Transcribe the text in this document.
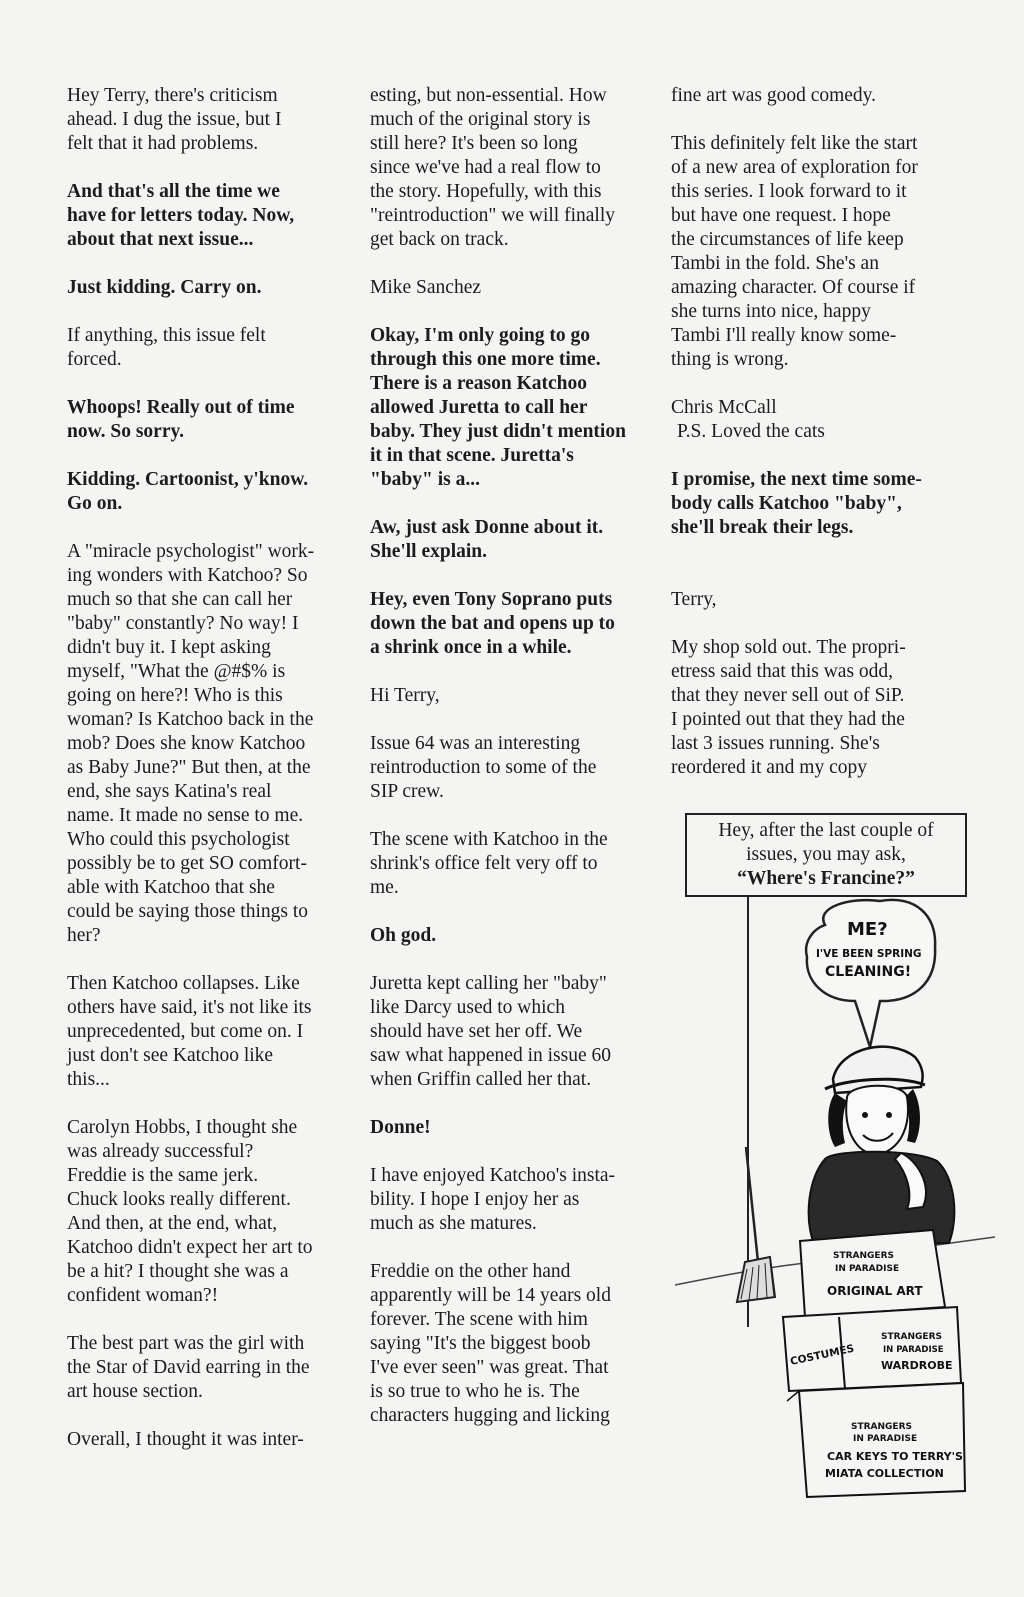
Hey Terry, there's criticism
ahead. I dug the issue, but I
felt that it had problems.

And that's all the time we
have for letters today. Now,
about that next issue...

Just kidding. Carry on.

If anything, this issue felt
forced.

Whoops! Really out of time
now. So sorry.

Kidding. Cartoonist, y'know.
Go on.

A "miracle psychologist" work-
ing wonders with Katchoo? So
much so that she can call her
"baby" constantly? No way! I
didn't buy it. I kept asking
myself, "What the @#$% is
going on here?! Who is this
woman? Is Katchoo back in the
mob? Does she know Katchoo
as Baby June?" But then, at the
end, she says Katina's real
name. It made no sense to me.
Who could this psychologist
possibly be to get SO comfort-
able with Katchoo that she
could be saying those things to
her?

Then Katchoo collapses. Like
others have said, it's not like its
unprecedented, but come on. I
just don't see Katchoo like
this...

Carolyn Hobbs, I thought she
was already successful?
Freddie is the same jerk.
Chuck looks really different.
And then, at the end, what,
Katchoo didn't expect her art to
be a hit? I thought she was a
confident woman?!

The best part was the girl with
the Star of David earring in the
art house section.

Overall, I thought it was inter-

esting, but non-essential. How
much of the original story is
still here? It's been so long
since we've had a real flow to
the story. Hopefully, with this
"reintroduction" we will finally
get back on track.

Mike Sanchez

Okay, I'm only going to go
through this one more time.
There is a reason Katchoo
allowed Juretta to call her
baby. They just didn't mention
it in that scene. Juretta's
"baby" is a...

Aw, just ask Donne about it.
She'll explain.

Hey, even Tony Soprano puts
down the bat and opens up to
a shrink once in a while.

Hi Terry,

Issue 64 was an interesting
reintroduction to some of the
SIP crew.

The scene with Katchoo in the
shrink's office felt very off to
me.

Oh god.

Juretta kept calling her "baby"
like Darcy used to which
should have set her off. We
saw what happened in issue 60
when Griffin called her that.

Donne!

I have enjoyed Katchoo's insta-
bility. I hope I enjoy her as
much as she matures.

Freddie on the other hand
apparently will be 14 years old
forever. The scene with him
saying "It's the biggest boob
I've ever seen" was great. That
is so true to who he is. The
characters hugging and licking

fine art was good comedy.

This definitely felt like the start
of a new area of exploration for
this series. I look forward to it
but have one request. I hope
the circumstances of life keep
Tambi in the fold. She's an
amazing character. Of course if
she turns into nice, happy
Tambi I'll really know some-
thing is wrong.

Chris McCall

P.S. Loved the cats

I promise, the next time some-
body calls Katchoo "baby",
she'll break their legs.

Terry,

My shop sold out. The propri-
etress said that this was odd,
that they never sell out of SiP.
I pointed out that they had the
last 3 issues running. She's
reordered it and my copy

Hey, after the last couple of
issues, you may ask,
“Where's Francine?”
ME?
I'VE BEEN SPRING
CLEANING!
STRANGERS
IN PARADISE
ORIGINAL ART
COSTUMES
STRANGERS
IN PARADISE
WARDROBE
STRANGERS
IN PARADISE
CAR KEYS TO TERRY'S
MIATA COLLECTION
